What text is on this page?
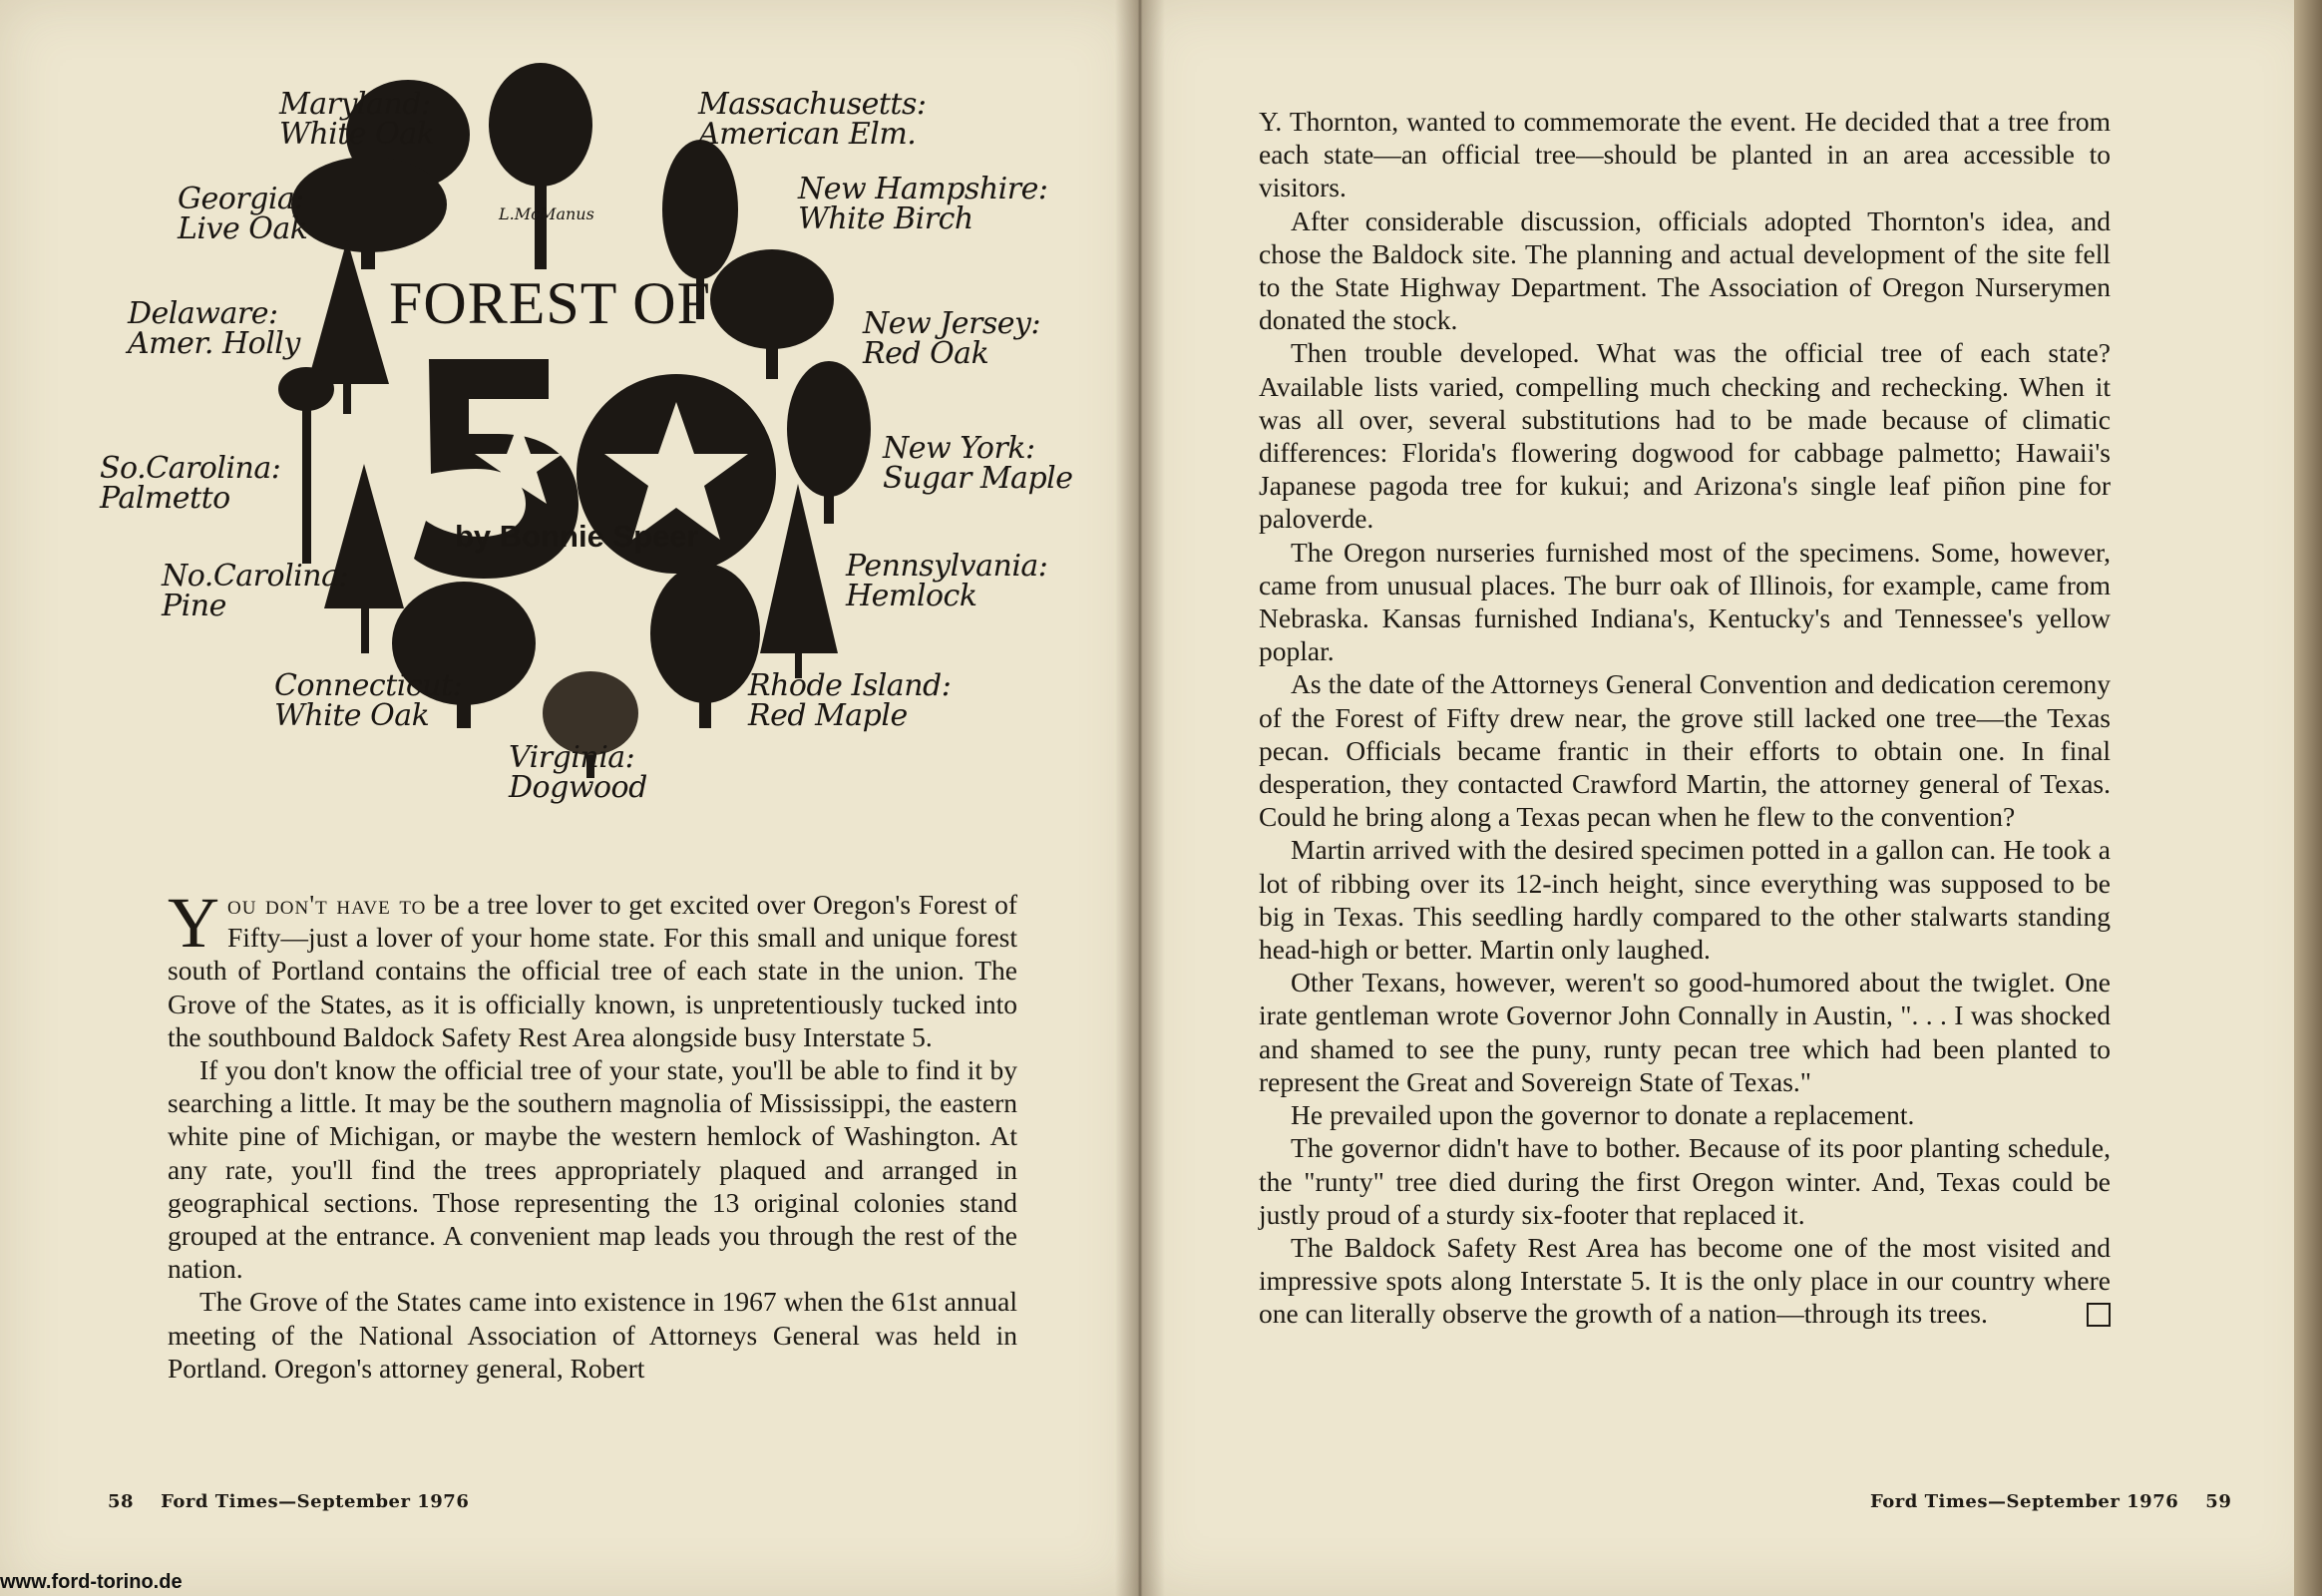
FOREST OF
L.McManus
by Bonnie Speer
Maryland:
White Oak
Massachusetts:
American Elm.
Georgia:
Live Oak
New Hampshire:
White Birch
Delaware:
Amer. Holly
New Jersey:
Red Oak
So.Carolina:
Palmetto
New York:
Sugar Maple
No.Carolina:
Pine
Pennsylvania:
Hemlock
Connecticut:
White Oak
Rhode Island:
Red Maple
Virginia:
Dogwood

You don't have to be a tree lover to get excited over Oregon's Forest of Fifty—just a lover of your home state. For this small and unique forest south of Portland contains the official tree of each state in the union. The Grove of the States, as it is officially known, is unpretentiously tucked into the southbound Baldock Safety Rest Area alongside busy Interstate 5.

If you don't know the official tree of your state, you'll be able to find it by searching a little. It may be the southern magnolia of Mississippi, the eastern white pine of Michigan, or maybe the western hemlock of Washington. At any rate, you'll find the trees appropriately plaqued and arranged in geographical sections. Those representing the 13 original colonies stand grouped at the entrance. A convenient map leads you through the rest of the nation.

The Grove of the States came into existence in 1967 when the 61st annual meeting of the National Association of Attorneys General was held in Portland. Oregon's attorney general, Robert

58    Ford Times—September 1976

Y. Thornton, wanted to commemorate the event. He decided that a tree from each state—an official tree—should be planted in an area accessible to visitors.

After considerable discussion, officials adopted Thornton's idea, and chose the Baldock site. The planning and actual development of the site fell to the State Highway Department. The Association of Oregon Nurserymen donated the stock.

Then trouble developed. What was the official tree of each state? Available lists varied, compelling much checking and rechecking. When it was all over, several substitutions had to be made because of climatic differences: Florida's flowering dogwood for cabbage palmetto; Hawaii's Japanese pagoda tree for kukui; and Arizona's single leaf piñon pine for paloverde.

The Oregon nurseries furnished most of the specimens. Some, however, came from unusual places. The burr oak of Illinois, for example, came from Nebraska. Kansas furnished Indiana's, Kentucky's and Tennessee's yellow poplar.

As the date of the Attorneys General Convention and dedication ceremony of the Forest of Fifty drew near, the grove still lacked one tree—the Texas pecan. Officials became frantic in their efforts to obtain one. In final desperation, they contacted Crawford Martin, the attorney general of Texas. Could he bring along a Texas pecan when he flew to the convention?

Martin arrived with the desired specimen potted in a gallon can. He took a lot of ribbing over its 12-inch height, since everything was supposed to be big in Texas. This seedling hardly compared to the other stalwarts standing head-high or better. Martin only laughed.

Other Texans, however, weren't so good-humored about the twiglet. One irate gentleman wrote Governor John Connally in Austin, ". . . I was shocked and shamed to see the puny, runty pecan tree which had been planted to represent the Great and Sovereign State of Texas."

He prevailed upon the governor to donate a replacement.

The governor didn't have to bother. Because of its poor planting schedule, the "runty" tree died during the first Oregon winter. And, Texas could be justly proud of a sturdy six-footer that replaced it.

The Baldock Safety Rest Area has become one of the most visited and impressive spots along Interstate 5. It is the only place in our country where one can literally observe the growth of a nation—through its trees.

Ford Times—September 1976    59
www.ford-torino.de
